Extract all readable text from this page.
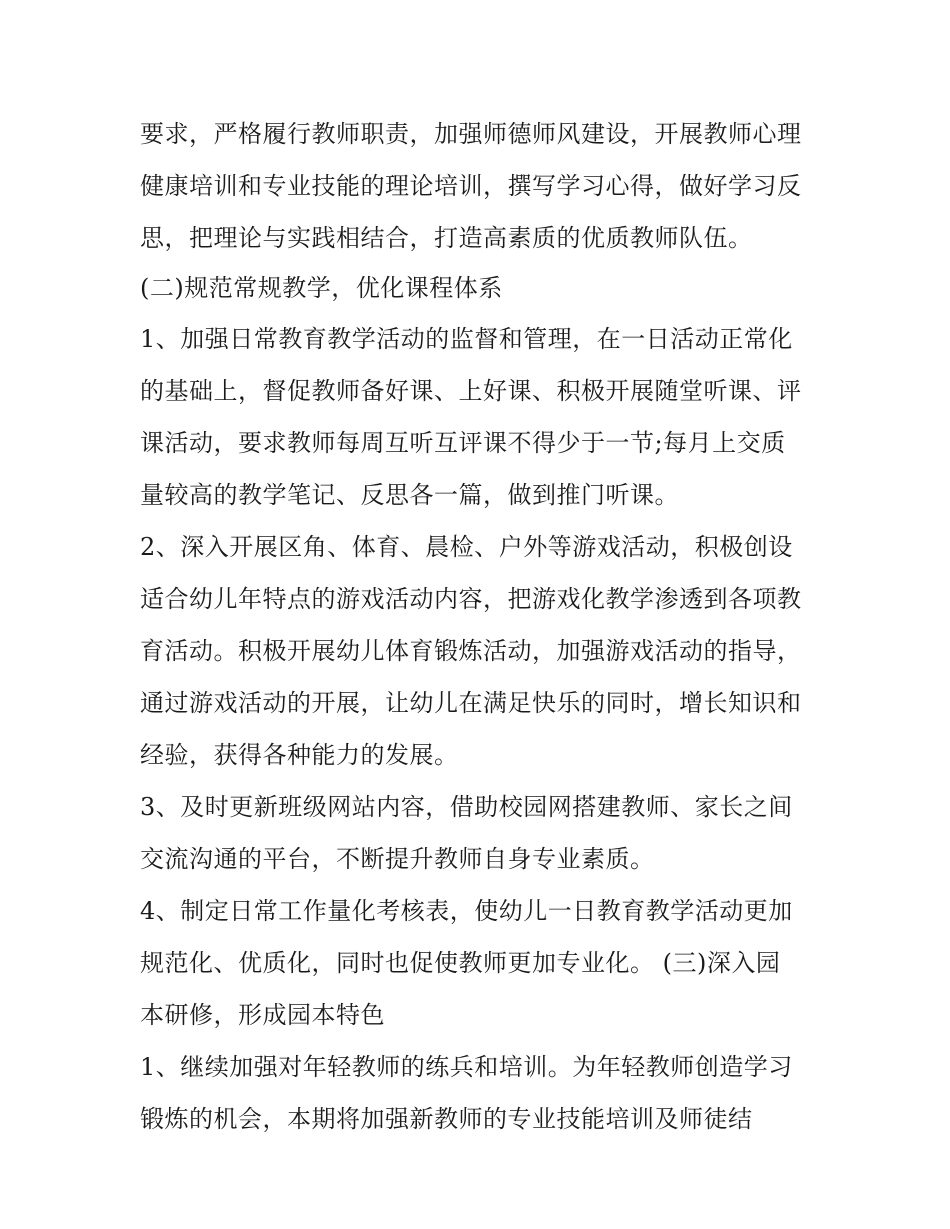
要求，严格履行教师职责，加强师德师风建设，开展教师心理
健康培训和专业技能的理论培训，撰写学习心得，做好学习反
思，把理论与实践相结合，打造高素质的优质教师队伍。
(二)规范常规教学，优化课程体系
1、加强日常教育教学活动的监督和管理，在一日活动正常化
的基础上，督促教师备好课、上好课、积极开展随堂听课、评
课活动，要求教师每周互听互评课不得少于一节;每月上交质
量较高的教学笔记、反思各一篇，做到推门听课。
2、深入开展区角、体育、晨检、户外等游戏活动，积极创设
适合幼儿年特点的游戏活动内容，把游戏化教学渗透到各项教
育活动。积极开展幼儿体育锻炼活动，加强游戏活动的指导，
通过游戏活动的开展，让幼儿在满足快乐的同时，增长知识和
经验，获得各种能力的发展。
3、及时更新班级网站内容，借助校园网搭建教师、家长之间
交流沟通的平台，不断提升教师自身专业素质。
4、制定日常工作量化考核表，使幼儿一日教育教学活动更加
规范化、优质化，同时也促使教师更加专业化。 (三)深入园
本研修，形成园本特色
1、继续加强对年轻教师的练兵和培训。为年轻教师创造学习
锻炼的机会，本期将加强新教师的专业技能培训及师徒结
